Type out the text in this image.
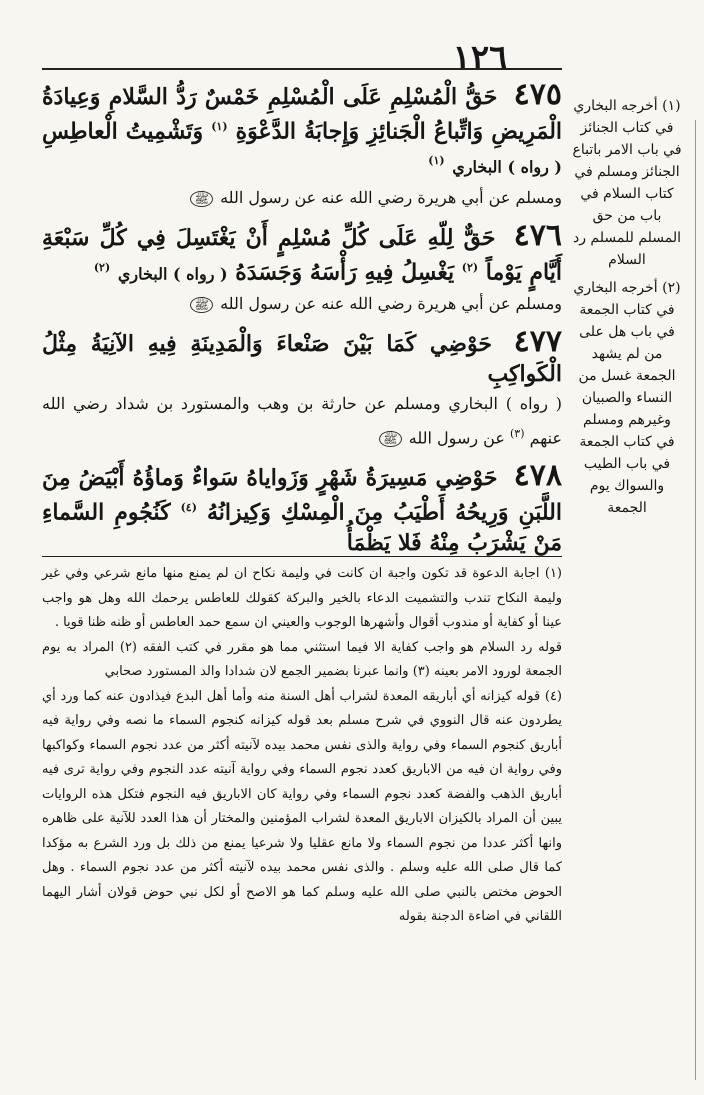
١٢٦
٤٧٥ حَقُّ الْمُسْلِمِ عَلَى الْمُسْلِمِ خَمْسٌ رَدُّ السَّلامِ وَعِيادَةُ الْمَرِيضِ وَاتِّباعُ الْجَنائِزِ وَإِجابَةُ الدَّعْوَةِ $^{(١)}$ وَتَشْمِيتُ الْعاطِسِ ( رواه ) البخاري $^{(١)}$
ومسلم عن أبي هريرة رضي الله عنه عن رسول الله ﷺ
٤٧٦ حَقٌّ لِلّهِ عَلَى كُلِّ مُسْلِمٍ أَنْ يَغْتَسِلَ فِي كُلِّ سَبْعَةِ أَيَّامٍ يَوْماً $^{(٢)}$ يَغْسِلُ فِيهِ رَأْسَهُ وَجَسَدَهُ ( رواه ) البخاري $^{(٢)}$
ومسلم عن أبي هريرة رضي الله عنه عن رسول الله ﷺ
٤٧٧ حَوْضِي كَمَا بَيْنَ صَنْعاءَ وَالْمَدِينَةِ فِيهِ الآنِيَةُ مِثْلُ الْكَواكِبِ
( رواه ) البخاري ومسلم عن حارثة بن وهب والمستورد بن شداد رضي الله عنهم $^{(٣)}$ عن رسول الله ﷺ
٤٧٨ حَوْضِي مَسِيرَةُ شَهْرٍ وَزَواياهُ سَواءٌ وَماؤُهُ أَبْيَضُ مِنَ اللَّبَنِ وَرِيحُهُ أَطْيَبُ مِنَ الْمِسْكِ وَكِيزانُهُ $^{(٤)}$ كَنُجُومِ السَّماءِ مَنْ يَشْرَبُ مِنْهُ فَلا يَظْمَأُ

(١) أخرجه البخاري في كتاب الجنائز في باب الامر باتباع الجنائز ومسلم في كتاب السلام في باب من حق المسلم للمسلم رد السلام

(٢) أخرجه البخاري في كتاب الجمعة في باب هل على من لم يشهد الجمعة غسل من النساء والصبيان وغيرهم ومسلم في كتاب الجمعة في باب الطيب والسواك يوم الجمعة

(١) اجابة الدعوة قد تكون واجبة ان كانت في وليمة نكاح ان لم يمنع منها مانع شرعي وفي غير وليمة النكاح تندب والتشميت الدعاء بالخير والبركة كقولك للعاطس يرحمك الله وهل هو واجب عينا أو كفاية أو مندوب أقوال وأشهرها الوجوب والعيني ان سمع حمد العاطس أو ظنه ظنا قويا .

قوله رد السلام هو واجب كفاية الا فيما استثني مما هو مقرر في كتب الفقه (٢) المراد به يوم الجمعة لورود الامر بعينه (٣) وانما عبرنا بضمير الجمع لان شدادا والد المستورد صحابي

(٤) قوله كيزانه أي أباريقه المعدة لشراب أهل السنة منه وأما أهل البدع فيذادون عنه كما ورد أي يطردون عنه قال النووي في شرح مسلم بعد قوله كيزانه كنجوم السماء ما نصه وفي رواية فيه أباريق كنجوم السماء وفي رواية والذى نفس محمد بيده لآنيته أكثر من عدد نجوم السماء وكواكبها وفي رواية ان فيه من الاباريق كعدد نجوم السماء وفي رواية آنيته عدد النجوم وفي رواية ترى فيه أباريق الذهب والفضة كعدد نجوم السماء وفي رواية كان الاباريق فيه النجوم فتكل هذه الروايات يبين أن المراد بالكيزان الاباريق المعدة لشراب المؤمنين والمختار أن هذا العدد للآنية على ظاهره وانها أكثر عددا من نجوم السماء ولا مانع عقليا ولا شرعيا يمنع من ذلك بل ورد الشرع به مؤكدا كما قال صلى الله عليه وسلم . والذى نفس محمد بيده لآنيته أكثر من عدد نجوم السماء . وهل الحوض مختص بالنبي صلى الله عليه وسلم كما هو الاصح أو لكل نبي حوض قولان أشار اليهما اللقاني في اضاءة الدجنة بقوله
